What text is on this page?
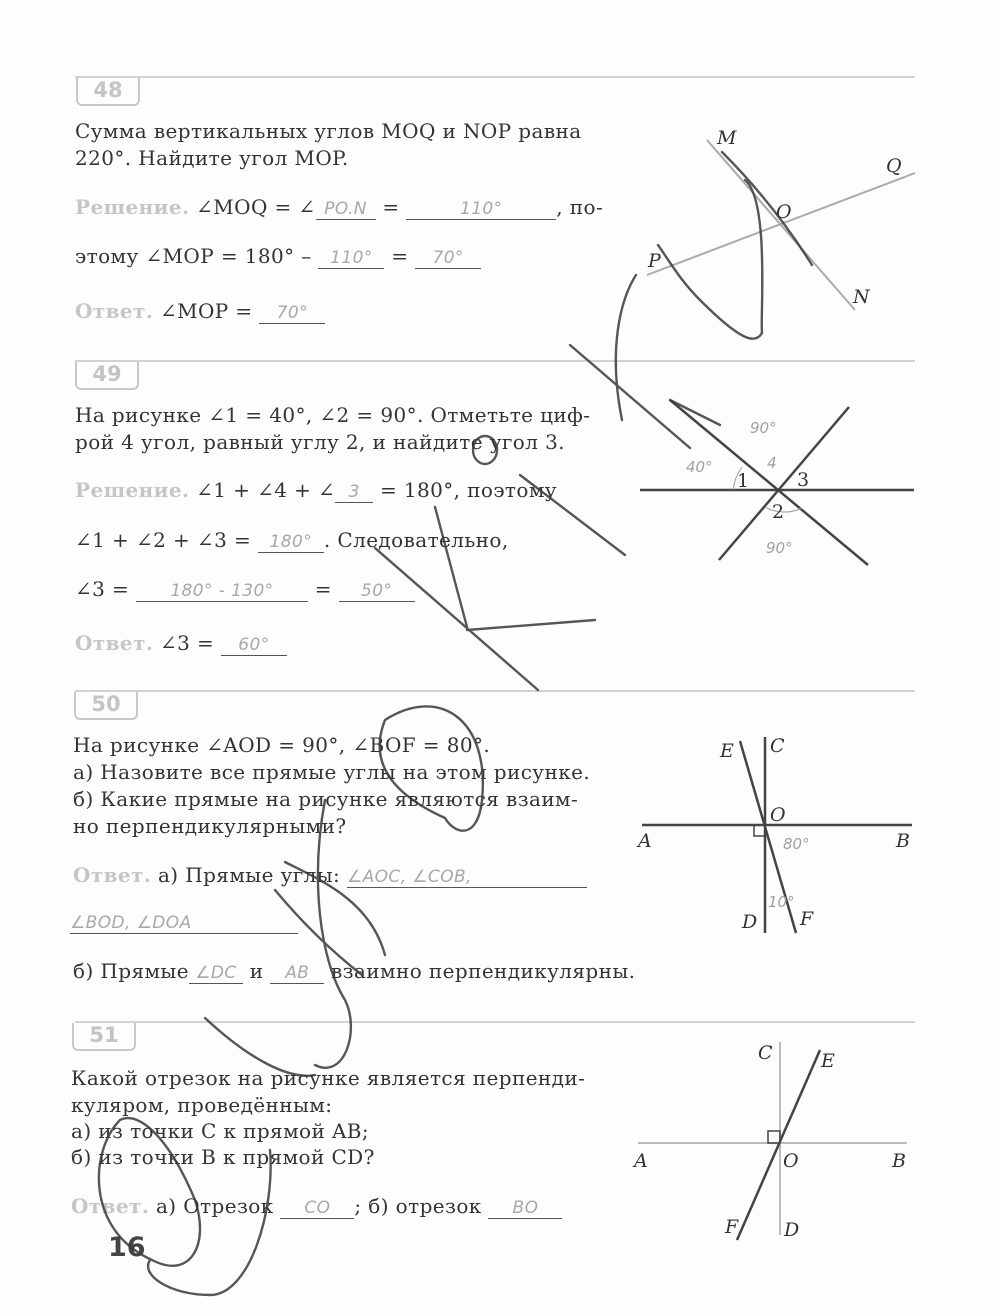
48
Сумма вертикальных углов MOQ и NOP равна
220°. Найдите угол MOP.
Решение. ∠MOQ = ∠ PO.N =	110°	, по-
этому ∠MOP = 180° – 110° = 70°
Ответ. ∠MOP = 70°
M
Q
O
P
N
49
На рисунке ∠1 = 40°, ∠2 = 90°. Отметьте циф-
рой 4 угол, равный углу 2, и найдите угол 3.
Решение. ∠1 + ∠4 + ∠ 3 = 180°, поэтому
∠1 + ∠2 + ∠3 = 180° . Следовательно,
∠3 = 180° - 130° = 50°
Ответ. ∠3 = 60°
1
2
3
40°
90°
4
90°
50
На рисунке ∠AOD = 90°, ∠BOF = 80°.
а) Назовите все прямые углы на этом рисунке.
б) Какие прямые на рисунке являются взаим-
но перпендикулярными?
Ответ. а) Прямые углы: ∠AOC, ∠COB,
∠BOD, ∠DOA
б) Прямые ∠DC и AB взаимно перпендикулярны.
E C
O
A	B
D F
80°
10°
51
Какой отрезок на рисунке является перпенди-
куляром, проведённым:
а) из точки C к прямой AB;
б) из точки B к прямой CD?
Ответ. а) Отрезок CO ; б) отрезок BO
C	E
A	O	B
F D
16
